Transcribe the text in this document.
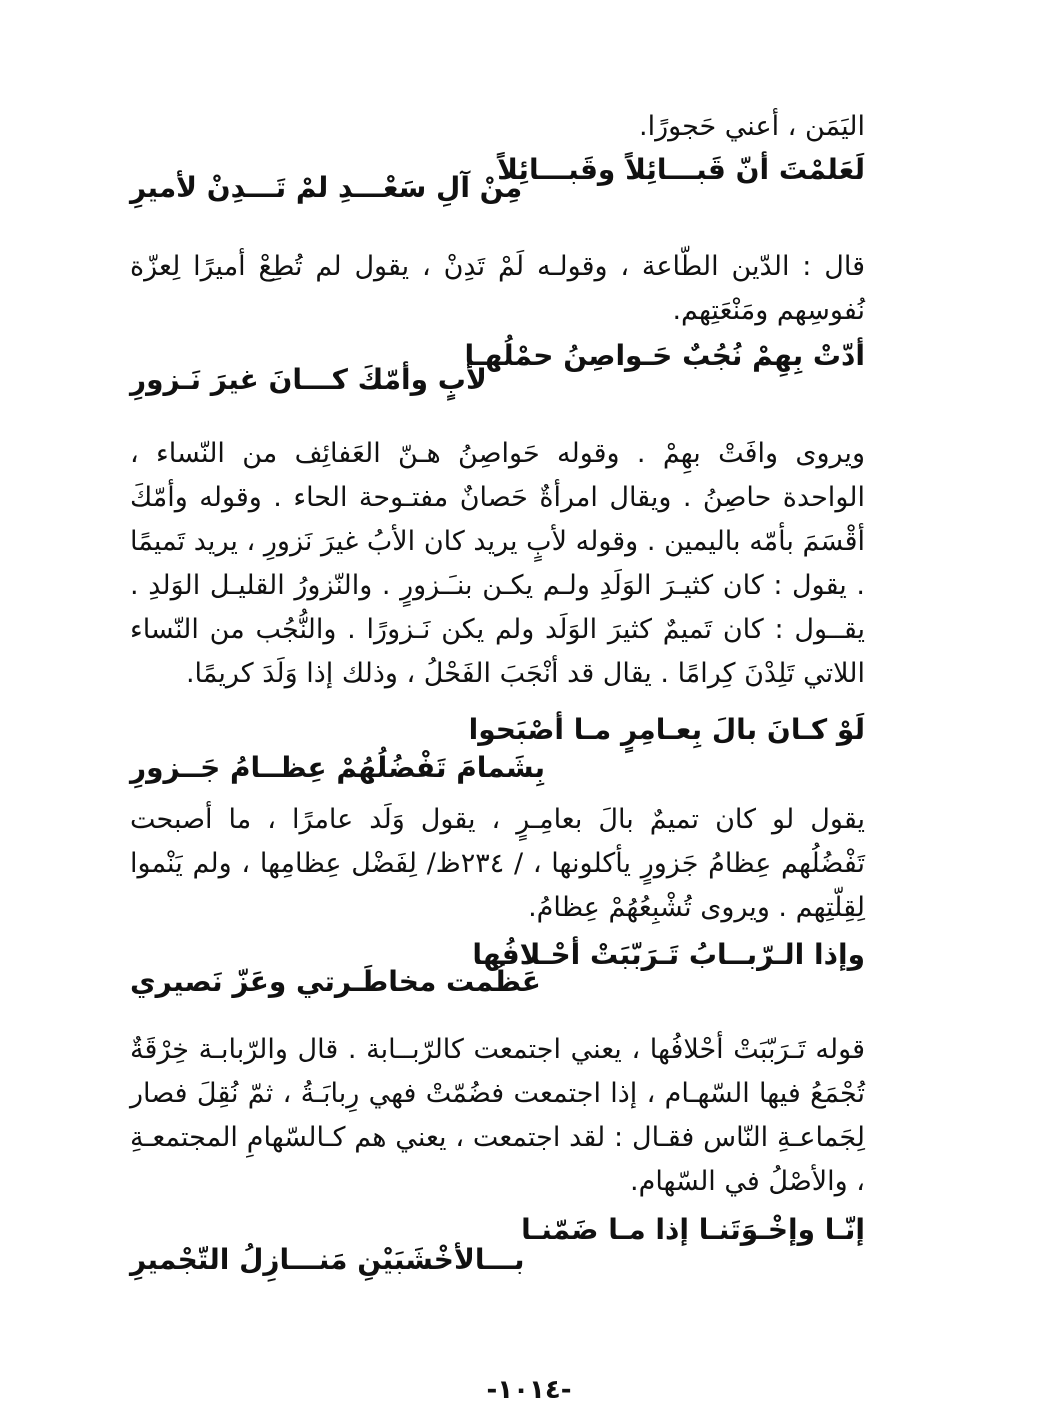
اليَمَن ، أعني حَجورًا.

لَعَلمْتَ أنّ قَبـــائِلاً وقَبـــائِلاً

مِنْ آلِ سَعْـــدِ لمْ تَـــدِنْ لأميرِ

قال : الدّين الطّاعة ، وقولـه لَمْ تَدِنْ ، يقول لم تُطِعْ أميرًا لِعزّة نُفوسِهم ومَنْعَتِهم.

أدّتْ بِهِمْ نُجُبٌ حَـواصِنُ حمْلُهـا

لأبٍ وأمّكَ كـــانَ غيرَ نَـزورِ

ويروى وافَتْ بهِمْ . وقوله حَواصِنُ هـنّ العَفائِف من النّساء ، الواحدة حاصِنُ . ويقال امرأةٌ حَصانٌ مفتـوحة الحاء . وقوله وأمّكَ أقْسَمَ بأمّه باليمين . وقوله لأبٍ يريد كان الأبُ غيرَ نَزورِ ، يريد تَميمًا . يقول : كان كثيـرَ الوَلَدِ ولـم يكـن بنـَـزورٍ . والنّزورُ القليـل الوَلدِ . يقــول : كان تَميمٌ كثيرَ الوَلَد ولم يكن نَـزورًا . والنُّجُب من النّساء اللاتي تَلِدْنَ كِرامًا . يقال قد أنْجَبَ الفَحْلُ ، وذلك إذا وَلَدَ كريمًا.

لَوْ كـانَ بالَ بِعـامِرٍ مـا أصْبَحوا

بِشَمامَ تَفْضُلُهُمْ عِظــامُ جَــزورِ

يقول لو كان تميمٌ بالَ بعامِـرٍ ، يقول وَلَد عامرًا ، ما أصبحت تَفْضُلُهم عِظامُ جَزورٍ يأكلونها ، / ٢٣٤ظ/ لِفَضْل عِظامِها ، ولم يَنْموا لِقِلّتِهم . ويروى تُشْبِعُهُمْ عِظامُ.

وإذا الـرّبــابُ تَـرَبّبَتْ أحْـلافُها

عَظُمت مخاطَـرتي وعَزّ نَصيري

قوله تَـرَبّبَتْ أحْلافُها ، يعني اجتمعت كالرّبــابة . قال والرّبابـة خِرْقَةٌ تُجْمَعُ فيها السّهـام ، إذا اجتمعت فضُمّتْ فهي رِبابَـةُ ، ثمّ نُقِلَ فصار لِجَماعـةِ النّاس فقـال : لقد اجتمعت ، يعني هم كـالسّهامِ المجتمعـةِ ، والأصْلُ في السّهام.

إنّـا وإخْـوَتَنـا إذا مـا ضَمّنـا

بـــالأخْشَبَيْنِ مَنـــازِلُ التّجْميرِ

-١٠١٤-
